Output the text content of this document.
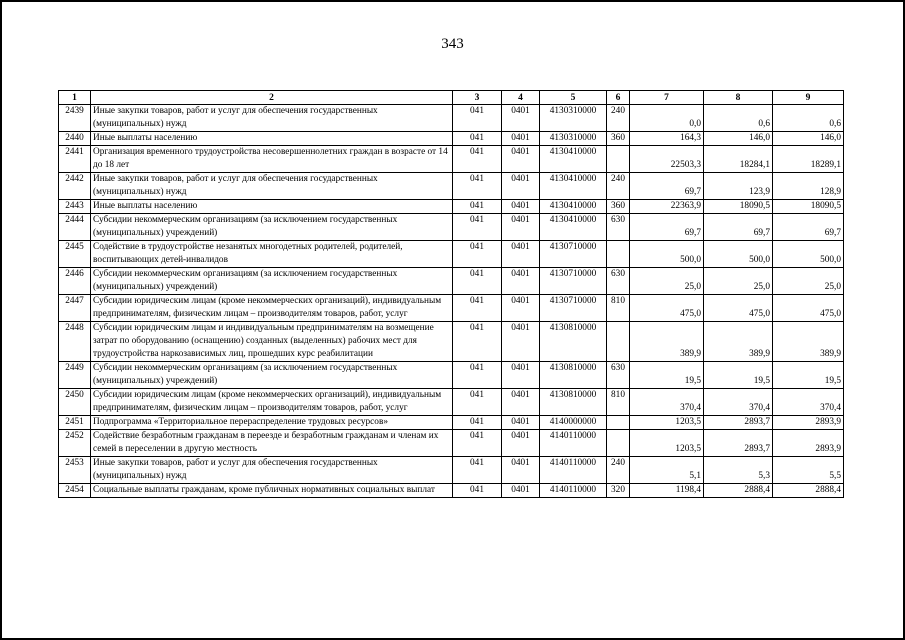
343
1	2	3	4	5	6	7	8	9
2439	Иные закупки товаров, работ и услуг для обеспечения государственных (муниципальных) нужд	041	0401	4130310000	240	0,0	0,6	0,6
2440	Иные выплаты населению	041	0401	4130310000	360	164,3	146,0	146,0
2441	Организация временного трудоустройства несовершеннолетних граждан в возрасте от 14 до 18 лет	041	0401	4130410000		22503,3	18284,1	18289,1
2442	Иные закупки товаров, работ и услуг для обеспечения государственных (муниципальных) нужд	041	0401	4130410000	240	69,7	123,9	128,9
2443	Иные выплаты населению	041	0401	4130410000	360	22363,9	18090,5	18090,5
2444	Субсидии некоммерческим организациям (за исключением государственных (муниципальных) учреждений)	041	0401	4130410000	630	69,7	69,7	69,7
2445	Содействие в трудоустройстве незанятых многодетных родителей, родителей, воспитывающих детей-инвалидов	041	0401	4130710000		500,0	500,0	500,0
2446	Субсидии некоммерческим организациям (за исключением государственных (муниципальных) учреждений)	041	0401	4130710000	630	25,0	25,0	25,0
2447	Субсидии юридическим лицам (кроме некоммерческих организаций), индивидуальным предпринимателям, физическим лицам – производителям товаров, работ, услуг	041	0401	4130710000	810	475,0	475,0	475,0
2448	Субсидии юридическим лицам и индивидуальным предпринимателям на возмещение затрат по оборудованию (оснащению) созданных (выделенных) рабочих мест для трудоустройства наркозависимых лиц, прошедших курс реабилитации	041	0401	4130810000		389,9	389,9	389,9
2449	Субсидии некоммерческим организациям (за исключением государственных (муниципальных) учреждений)	041	0401	4130810000	630	19,5	19,5	19,5
2450	Субсидии юридическим лицам (кроме некоммерческих организаций), индивидуальным предпринимателям, физическим лицам – производителям товаров, работ, услуг	041	0401	4130810000	810	370,4	370,4	370,4
2451	Подпрограмма «Территориальное перераспределение трудовых ресурсов»	041	0401	4140000000		1203,5	2893,7	2893,9
2452	Содействие безработным гражданам в переезде и безработным гражданам и членам их семей в переселении в другую местность	041	0401	4140110000		1203,5	2893,7	2893,9
2453	Иные закупки товаров, работ и услуг для обеспечения государственных (муниципальных) нужд	041	0401	4140110000	240	5,1	5,3	5,5
2454	Социальные выплаты гражданам, кроме публичных нормативных социальных выплат	041	0401	4140110000	320	1198,4	2888,4	2888,4
